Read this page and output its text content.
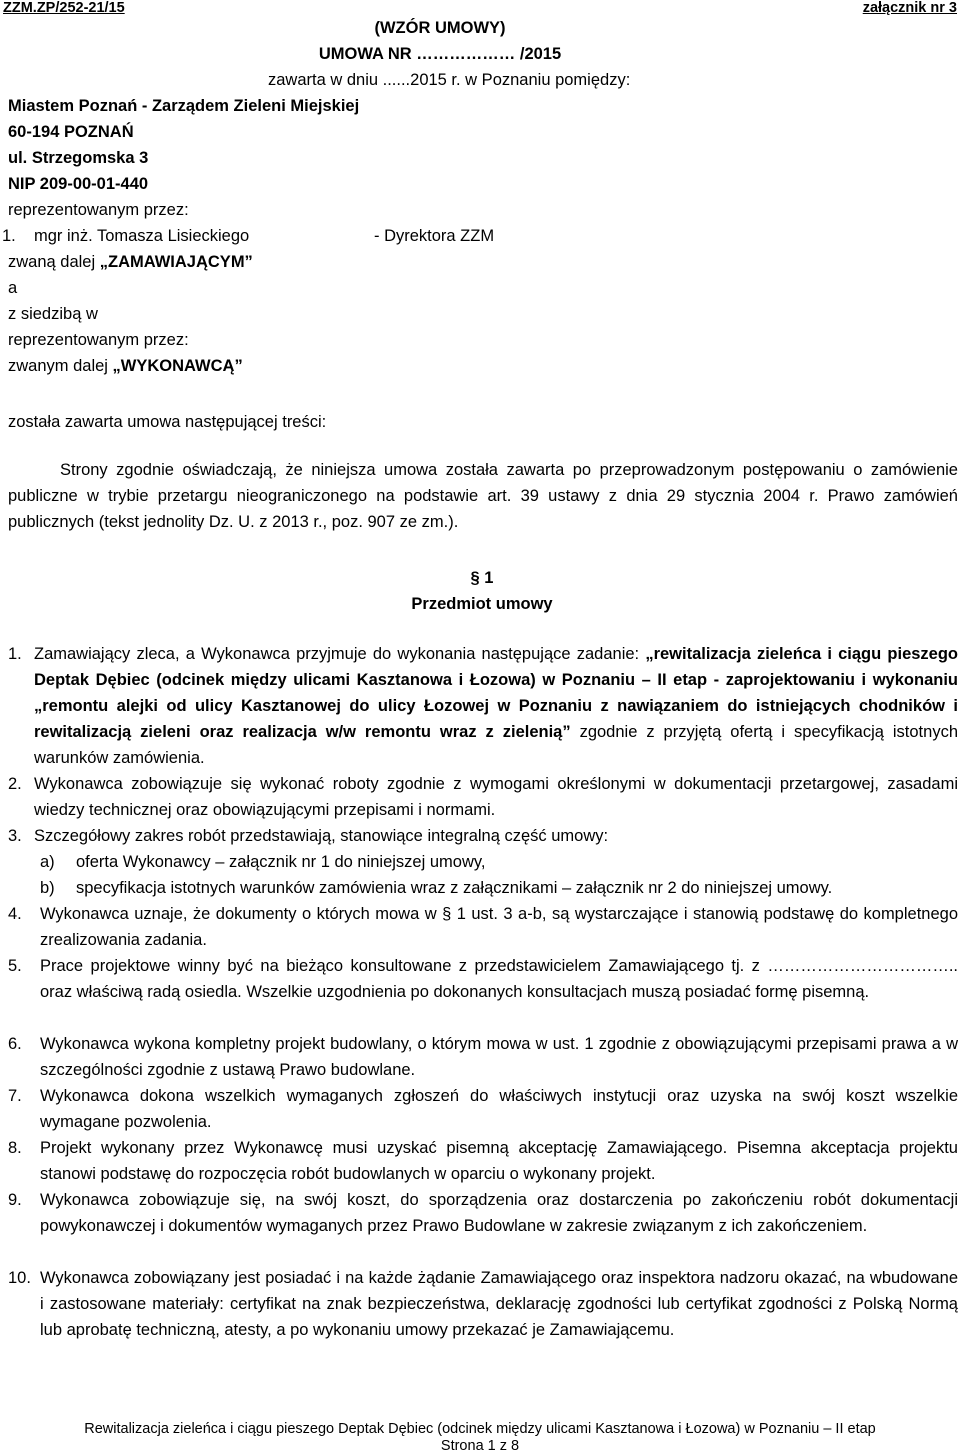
ZZM.ZP/252-21/15	załącznik nr 3
(WZÓR UMOWY)
UMOWA NR ……………… /2015
zawarta w dniu ......2015 r. w Poznaniu pomiędzy:
Miastem Poznań - Zarządem Zieleni Miejskiej
60-194 POZNAŃ
ul. Strzegomska 3
NIP 209-00-01-440
reprezentowanym przez:
1. mgr inż. Tomasza Lisieckiego	- Dyrektora ZZM
zwaną dalej „ZAMAWIAJĄCYM”
a
z siedzibą w
reprezentowanym przez:
zwanym dalej „WYKONAWCĄ”
została zawarta umowa następującej treści:
Strony zgodnie oświadczają, że niniejsza umowa została zawarta po przeprowadzonym postępowaniu o zamówienie publiczne w trybie przetargu nieograniczonego na podstawie art. 39 ustawy z dnia 29 stycznia 2004 r. Prawo zamówień publicznych (tekst jednolity Dz. U. z 2013 r., poz. 907 ze zm.).
§ 1
Przedmiot umowy
1. Zamawiający zleca, a Wykonawca przyjmuje do wykonania następujące zadanie: „rewitalizacja zieleńca i ciągu pieszego Deptak Dębiec (odcinek między ulicami Kasztanowa i Łozowa) w Poznaniu – II etap - zaprojektowaniu i wykonaniu „remontu alejki od ulicy Kasztanowej do ulicy Łozowej w Poznaniu z nawiązaniem do istniejących chodników i rewitalizacją zieleni oraz realizacja w/w remontu wraz z zielenią” zgodnie z przyjętą ofertą i specyfikacją istotnych warunków zamówienia.
2. Wykonawca zobowiązuje się wykonać roboty zgodnie z wymogami określonymi w dokumentacji przetargowej, zasadami wiedzy technicznej oraz obowiązującymi przepisami i normami.
3. Szczegółowy zakres robót przedstawiają, stanowiące integralną część umowy:
a) oferta Wykonawcy – załącznik nr 1 do niniejszej umowy,
b) specyfikacja istotnych warunków zamówienia wraz z załącznikami – załącznik nr 2 do niniejszej umowy.
4. Wykonawca uznaje, że dokumenty o których mowa w § 1 ust. 3 a-b, są wystarczające i stanowią podstawę do kompletnego zrealizowania zadania.
5. Prace projektowe winny być na bieżąco konsultowane z przedstawicielem Zamawiającego tj. z …………………………….. oraz właściwą radą osiedla. Wszelkie uzgodnienia po dokonanych konsultacjach muszą posiadać formę pisemną.
6. Wykonawca wykona kompletny projekt budowlany, o którym mowa w ust. 1 zgodnie z obowiązującymi przepisami prawa a w szczególności zgodnie z ustawą Prawo budowlane.
7. Wykonawca dokona wszelkich wymaganych zgłoszeń do właściwych instytucji oraz uzyska na swój koszt wszelkie wymagane pozwolenia.
8. Projekt wykonany przez Wykonawcę musi uzyskać pisemną akceptację Zamawiającego. Pisemna akceptacja projektu stanowi podstawę do rozpoczęcia robót budowlanych w oparciu o wykonany projekt.
9. Wykonawca zobowiązuje się, na swój koszt, do sporządzenia oraz dostarczenia po zakończeniu robót dokumentacji powykonawczej i dokumentów wymaganych przez Prawo Budowlane w zakresie związanym z ich zakończeniem.
10. Wykonawca zobowiązany jest posiadać i na każde żądanie Zamawiającego oraz inspektora nadzoru okazać, na wbudowane i zastosowane materiały: certyfikat na znak bezpieczeństwa, deklarację zgodności lub certyfikat zgodności z Polską Normą lub aprobatę techniczną, atesty, a po wykonaniu umowy przekazać je Zamawiającemu.
Rewitalizacja zieleńca i ciągu pieszego Deptak Dębiec (odcinek między ulicami Kasztanowa i Łozowa) w Poznaniu – II etap
Strona 1 z 8
